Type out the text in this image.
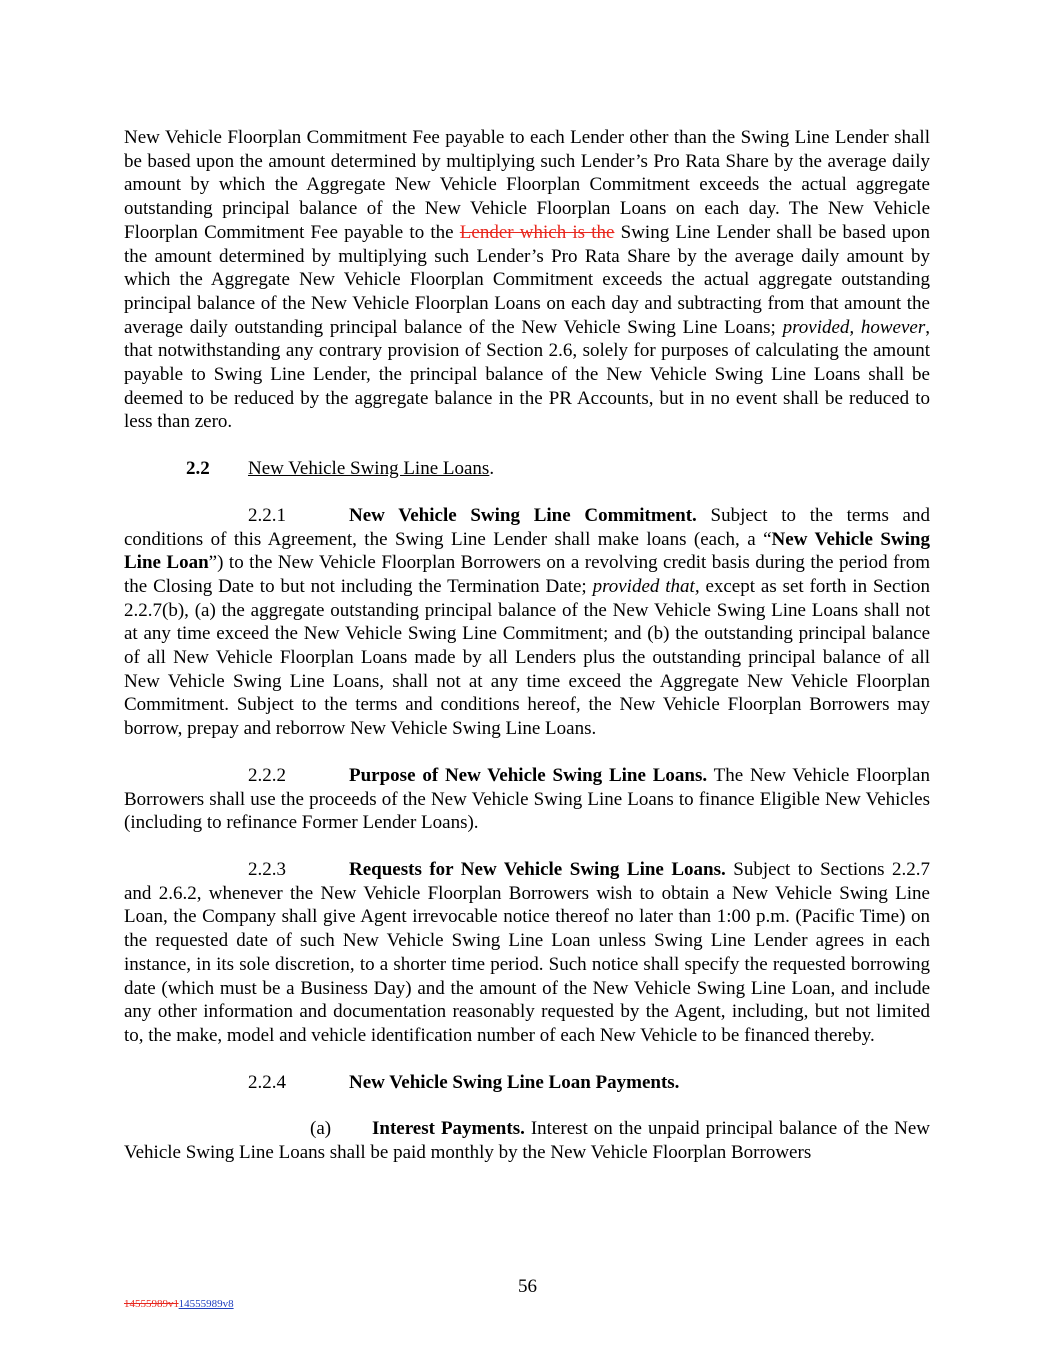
New Vehicle Floorplan Commitment Fee payable to each Lender other than the Swing Line Lender shall be based upon the amount determined by multiplying such Lender’s Pro Rata Share by the average daily amount by which the Aggregate New Vehicle Floorplan Commitment exceeds the actual aggregate outstanding principal balance of the New Vehicle Floorplan Loans on each day. The New Vehicle Floorplan Commitment Fee payable to the Lender which is the Swing Line Lender shall be based upon the amount determined by multiplying such Lender’s Pro Rata Share by the average daily amount by which the Aggregate New Vehicle Floorplan Commitment exceeds the actual aggregate outstanding principal balance of the New Vehicle Floorplan Loans on each day and subtracting from that amount the average daily outstanding principal balance of the New Vehicle Swing Line Loans; provided, however, that notwithstanding any contrary provision of Section 2.6, solely for purposes of calculating the amount payable to Swing Line Lender, the principal balance of the New Vehicle Swing Line Loans shall be deemed to be reduced by the aggregate balance in the PR Accounts, but in no event shall be reduced to less than zero.

2.2 New Vehicle Swing Line Loans.

2.2.1	New Vehicle Swing Line Commitment. Subject to the terms and conditions of this Agreement, the Swing Line Lender shall make loans (each, a “New Vehicle Swing Line Loan”) to the New Vehicle Floorplan Borrowers on a revolving credit basis during the period from the Closing Date to but not including the Termination Date; provided that, except as set forth in Section 2.2.7(b), (a) the aggregate outstanding principal balance of the New Vehicle Swing Line Loans shall not at any time exceed the New Vehicle Swing Line Commitment; and (b) the outstanding principal balance of all New Vehicle Floorplan Loans made by all Lenders plus the outstanding principal balance of all New Vehicle Swing Line Loans, shall not at any time exceed the Aggregate New Vehicle Floorplan Commitment. Subject to the terms and conditions hereof, the New Vehicle Floorplan Borrowers may borrow, prepay and reborrow New Vehicle Swing Line Loans.

2.2.2	Purpose of New Vehicle Swing Line Loans. The New Vehicle Floorplan Borrowers shall use the proceeds of the New Vehicle Swing Line Loans to finance Eligible New Vehicles (including to refinance Former Lender Loans).

2.2.3	Requests for New Vehicle Swing Line Loans. Subject to Sections 2.2.7 and 2.6.2, whenever the New Vehicle Floorplan Borrowers wish to obtain a New Vehicle Swing Line Loan, the Company shall give Agent irrevocable notice thereof no later than 1:00 p.m. (Pacific Time) on the requested date of such New Vehicle Swing Line Loan unless Swing Line Lender agrees in each instance, in its sole discretion, to a shorter time period. Such notice shall specify the requested borrowing date (which must be a Business Day) and the amount of the New Vehicle Swing Line Loan, and include any other information and documentation reasonably requested by the Agent, including, but not limited to, the make, model and vehicle identification number of each New Vehicle to be financed thereby.

2.2.4	New Vehicle Swing Line Loan Payments.

(a) Interest Payments. Interest on the unpaid principal balance of the New Vehicle Swing Line Loans shall be paid monthly by the New Vehicle Floorplan Borrowers

56
14555989v114555989v8
